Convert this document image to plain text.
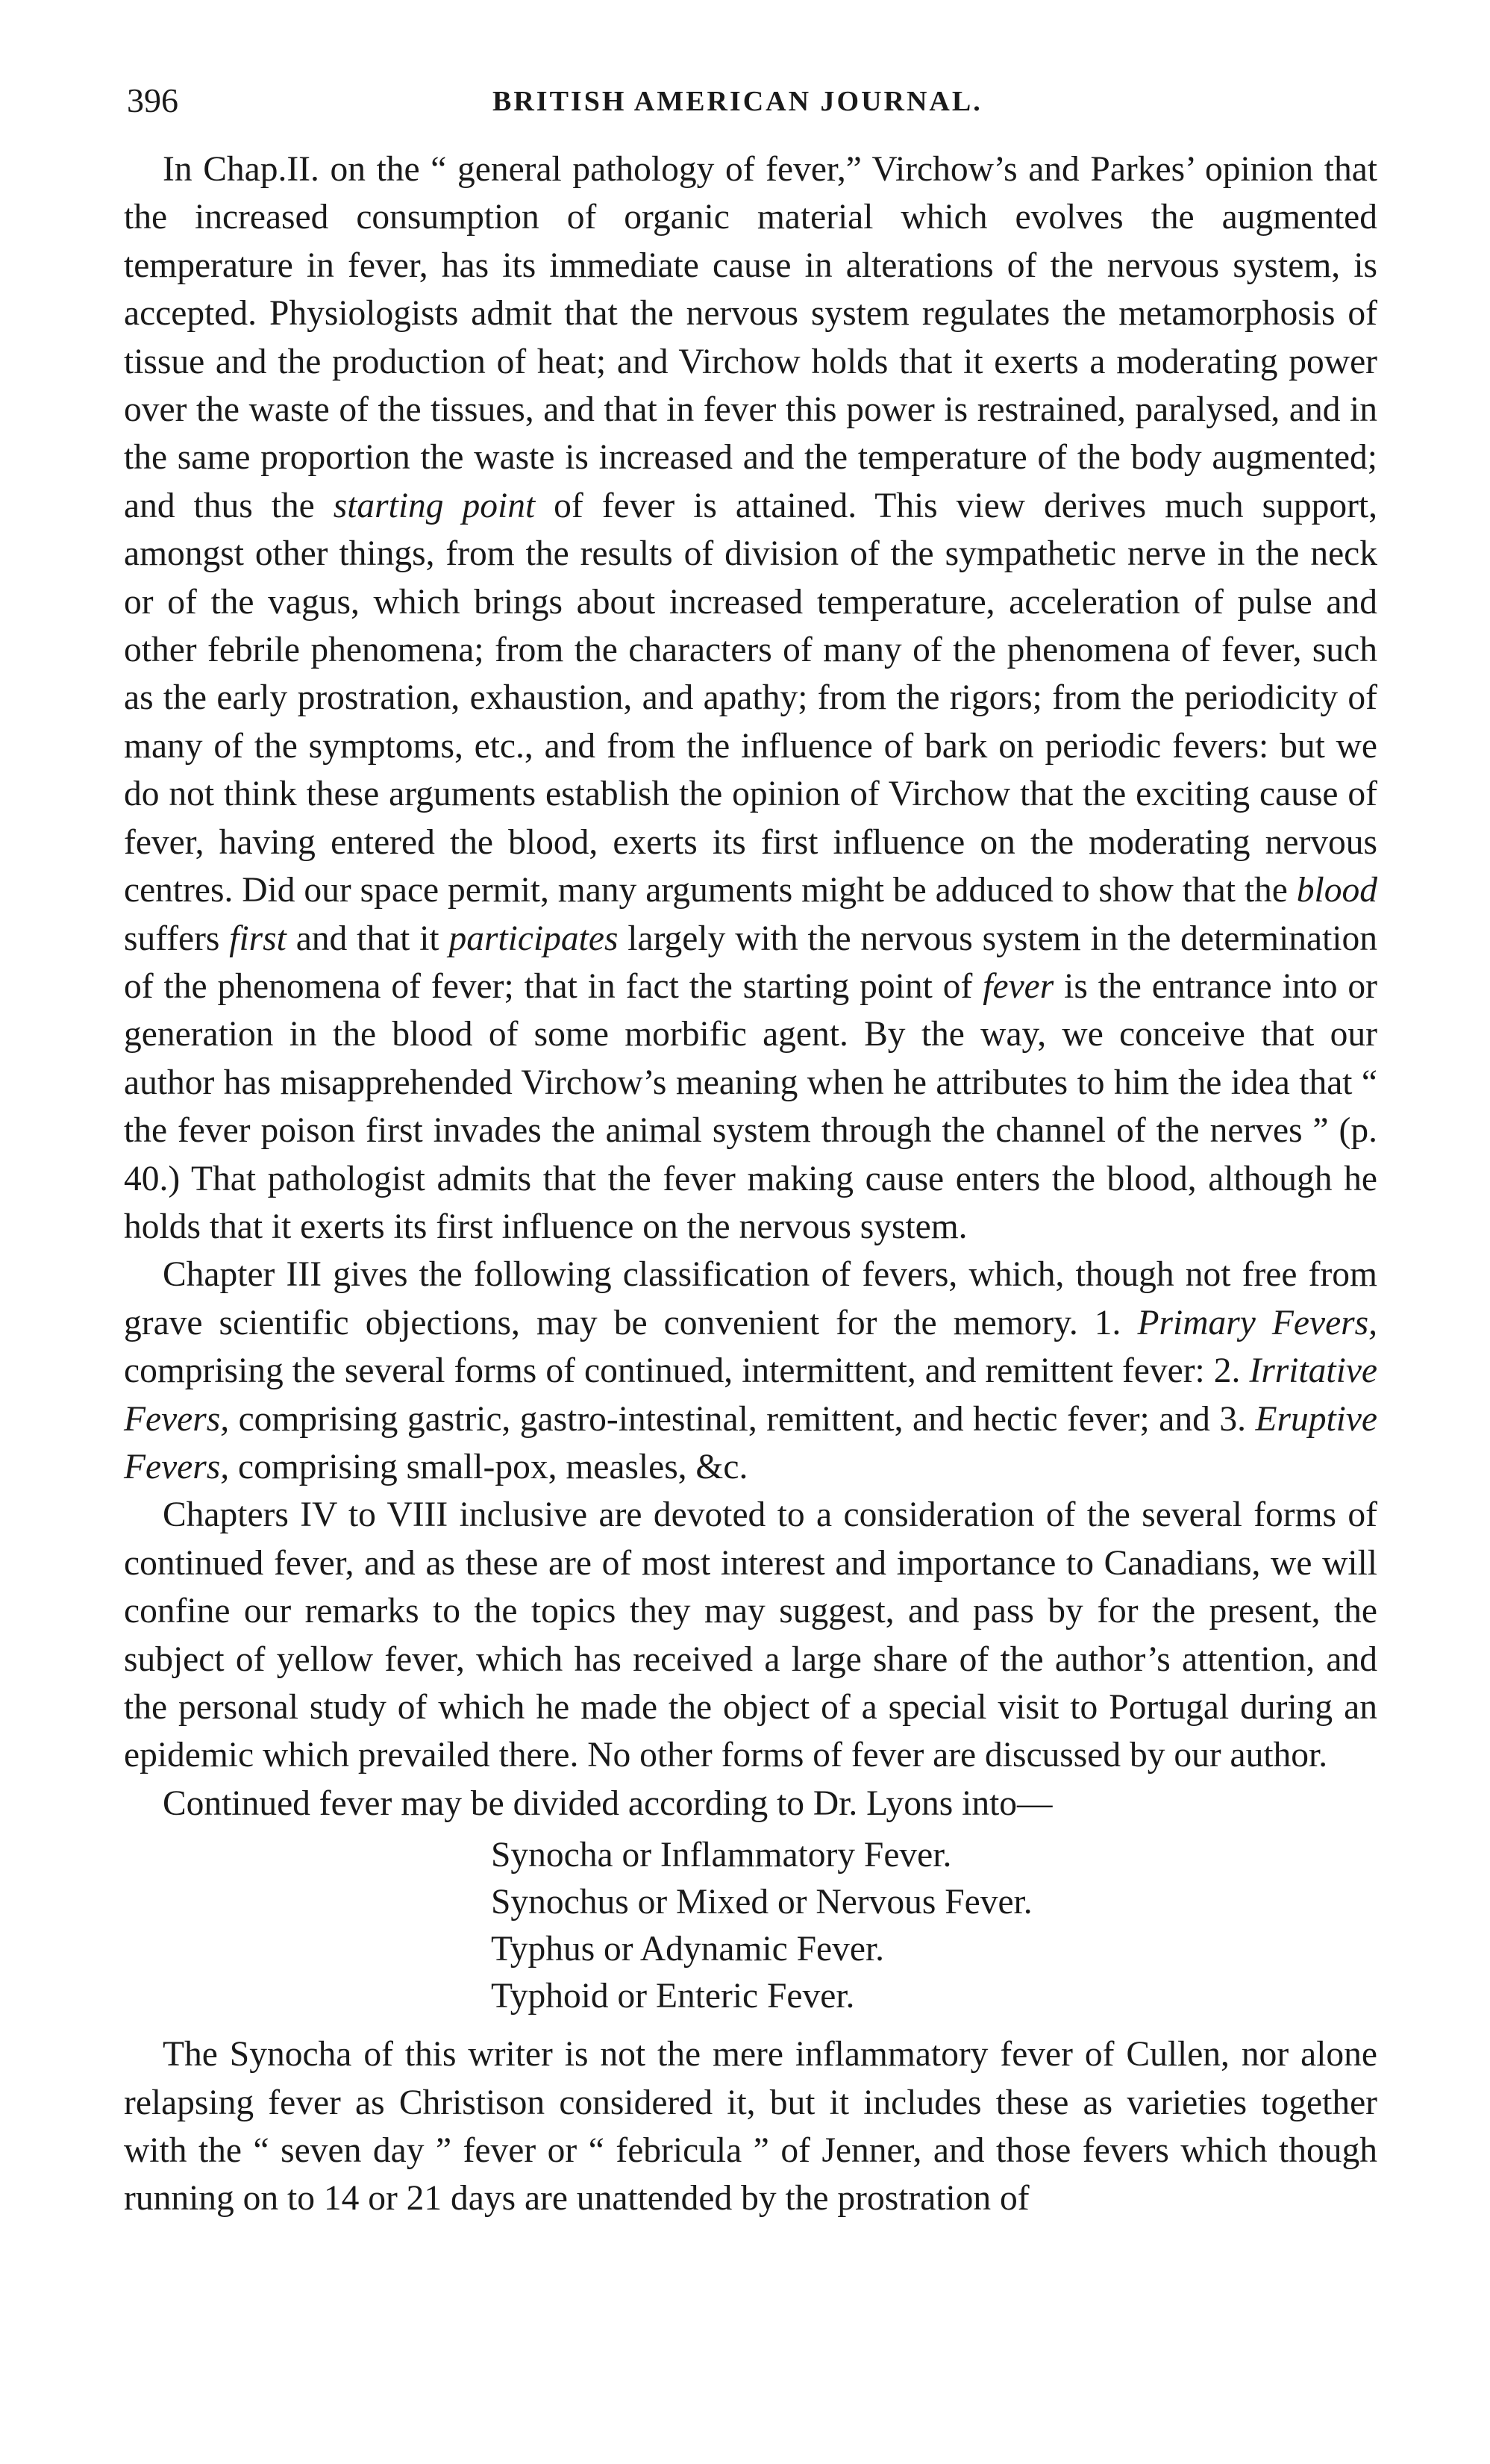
396	BRITISH AMERICAN JOURNAL.

In Chap.II. on the “ general pathology of fever,” Virchow’s and Parkes’ opinion that the increased consumption of organic material which evolves the augmented temperature in fever, has its immediate cause in alterations of the nervous system, is accepted. Physiologists admit that the nervous system regulates the metamorphosis of tissue and the production of heat; and Virchow holds that it exerts a moderating power over the waste of the tissues, and that in fever this power is restrained, paralysed, and in the same proportion the waste is increased and the temperature of the body augmented; and thus the starting point of fever is attained. This view derives much support, amongst other things, from the results of division of the sympathetic nerve in the neck or of the vagus, which brings about increased temperature, acceleration of pulse and other febrile phenomena; from the characters of many of the phenomena of fever, such as the early prostration, exhaustion, and apathy; from the rigors; from the periodicity of many of the symptoms, etc., and from the influence of bark on periodic fevers: but we do not think these arguments establish the opinion of Virchow that the exciting cause of fever, having entered the blood, exerts its first influence on the moderating nervous centres. Did our space permit, many arguments might be adduced to show that the blood suffers first and that it participates largely with the nervous system in the determination of the phenomena of fever; that in fact the starting point of fever is the entrance into or generation in the blood of some morbific agent. By the way, we conceive that our author has misapprehended Virchow’s meaning when he attributes to him the idea that “ the fever poison first invades the animal system through the channel of the nerves ” (p. 40.) That pathologist admits that the fever making cause enters the blood, although he holds that it exerts its first influence on the nervous system.

Chapter III gives the following classification of fevers, which, though not free from grave scientific objections, may be convenient for the memory. 1. Primary Fevers, comprising the several forms of continued, intermittent, and remittent fever: 2. Irritative Fevers, comprising gastric, gastro-intestinal, remittent, and hectic fever; and 3. Eruptive Fevers, comprising small-pox, measles, &c.

Chapters IV to VIII inclusive are devoted to a consideration of the several forms of continued fever, and as these are of most interest and importance to Canadians, we will confine our remarks to the topics they may suggest, and pass by for the present, the subject of yellow fever, which has received a large share of the author’s attention, and the personal study of which he made the object of a special visit to Portugal during an epidemic which prevailed there. No other forms of fever are discussed by our author.

Continued fever may be divided according to Dr. Lyons into—

Synocha or Inflammatory Fever.
Synochus or Mixed or Nervous Fever.
Typhus or Adynamic Fever.
Typhoid or Enteric Fever.

The Synocha of this writer is not the mere inflammatory fever of Cullen, nor alone relapsing fever as Christison considered it, but it includes these as varieties together with the “ seven day ” fever or “ febricula ” of Jenner, and those fevers which though running on to 14 or 21 days are unattended by the prostration of
